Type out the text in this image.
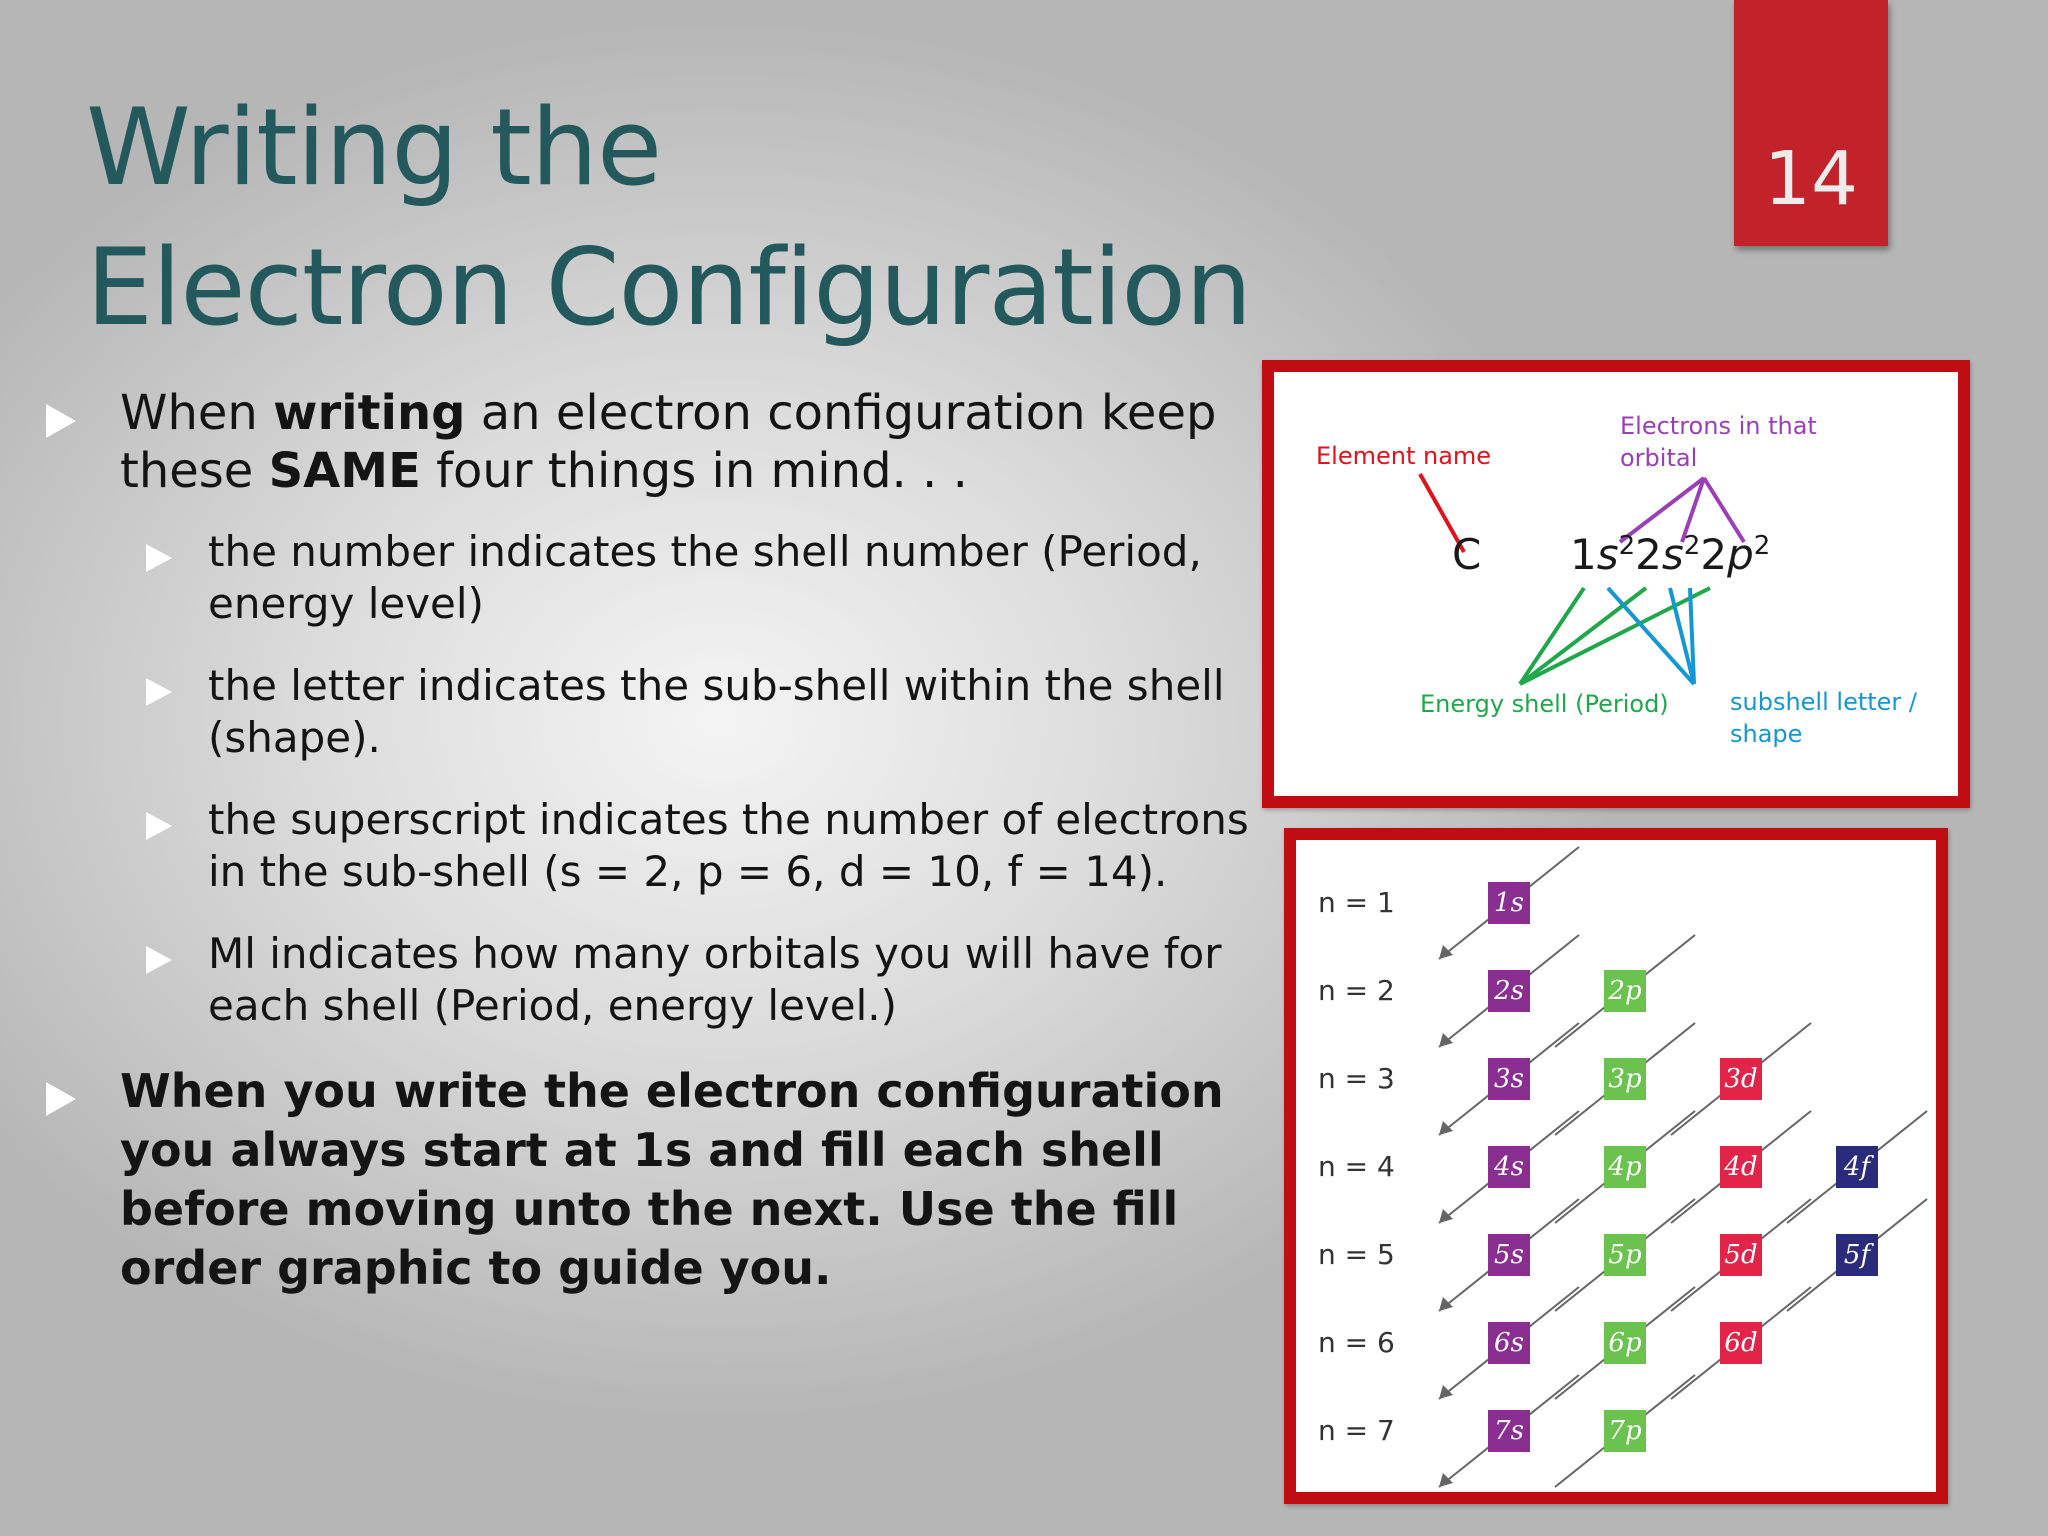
Writing the
Electron Configuration
14
When writing an electron configuration keep these SAME four things in mind. . .
the number indicates the shell number (Period, energy level)
the letter indicates the sub-shell within the shell (shape).
the superscript indicates the number of electrons in the sub-shell (s = 2, p = 6, d = 10, f = 14).
Ml indicates how many orbitals you will have for each shell (Period, energy level.)
When you write the electron configuration you always start at 1s and fill each shell before moving unto the next. Use the fill order graphic to guide you.
Element name
Electrons in that
orbital
C $1s^22s^22p^2$
Energy shell (Period)	subshell letter /
shape
n = 1	1s
n = 2	2s	2p
n = 3	3s	3p	3d
n = 4	4s	4p	4d	4f
n = 5	5s	5p	5d	5f
n = 6	6s	6p	6d
n = 7	7s	7p
